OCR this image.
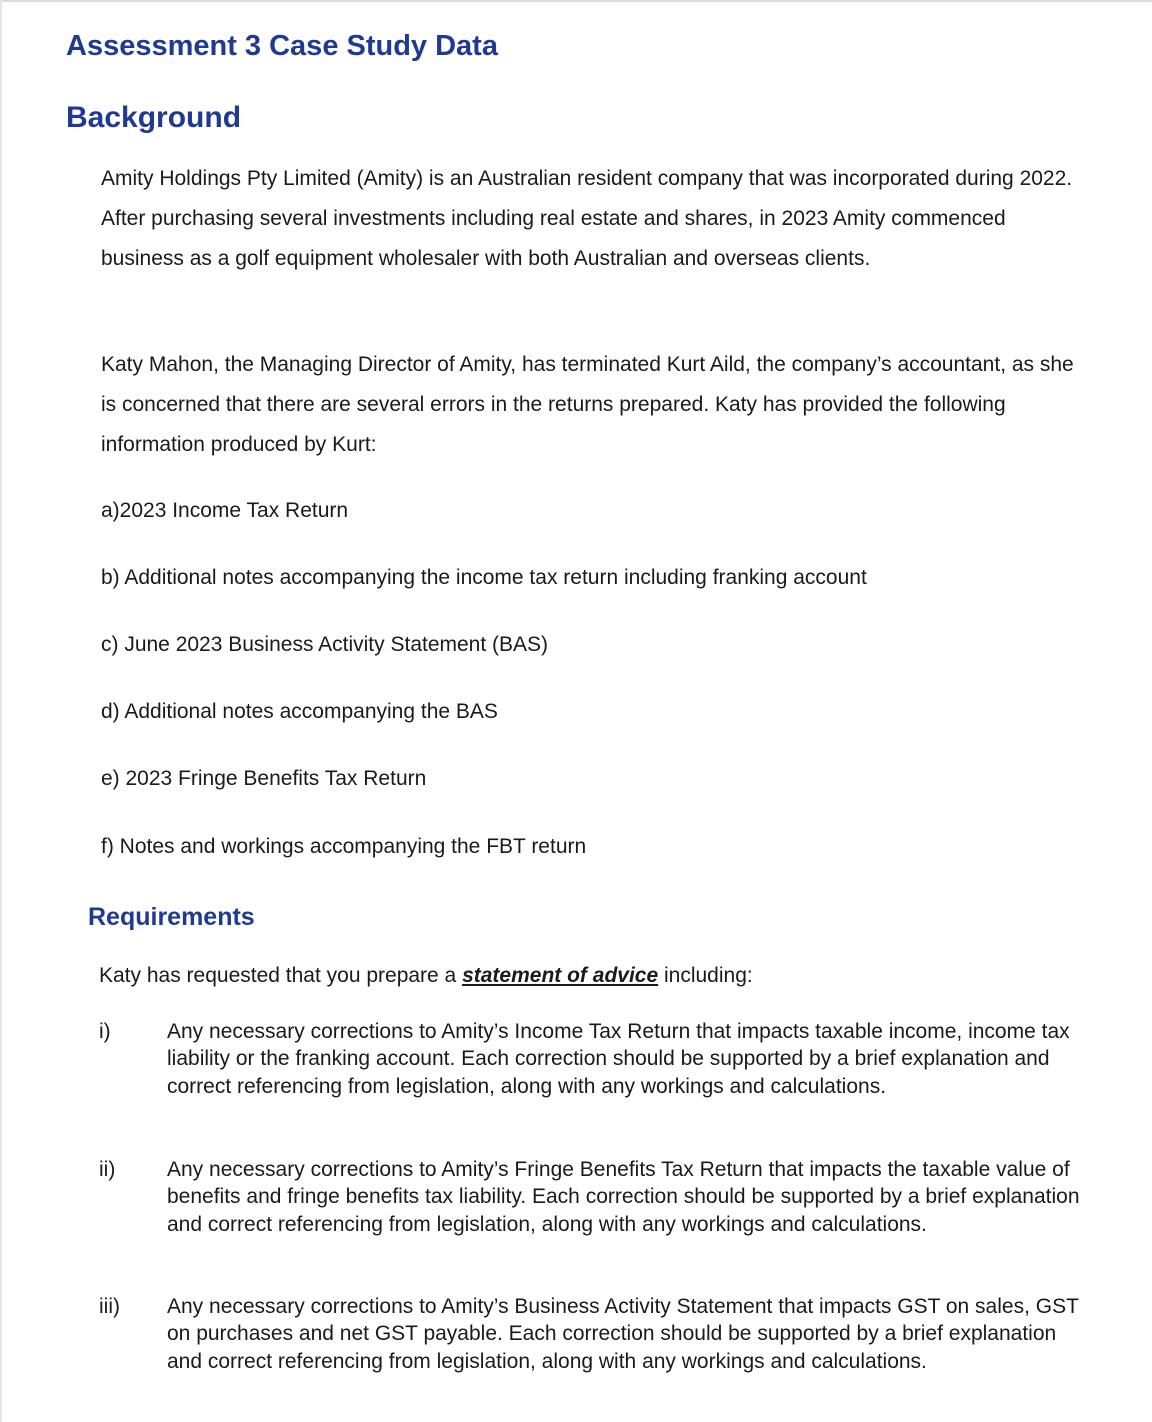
Assessment 3 Case Study Data
Background

Amity Holdings Pty Limited (Amity) is an Australian resident company that was incorporated during 2022. After purchasing several investments including real estate and shares, in 2023 Amity commenced business as a golf equipment wholesaler with both Australian and overseas clients.

Katy Mahon, the Managing Director of Amity, has terminated Kurt Aild, the company’s accountant, as she is concerned that there are several errors in the returns prepared. Katy has provided the following information produced by Kurt:

a)2023 Income Tax Return

b) Additional notes accompanying the income tax return including franking account

c) June 2023 Business Activity Statement (BAS)

d) Additional notes accompanying the BAS

e) 2023 Fringe Benefits Tax Return

f) Notes and workings accompanying the FBT return

Requirements

Katy has requested that you prepare a statement of advice including:

i)	Any necessary corrections to Amity’s Income Tax Return that impacts taxable income, income tax liability or the franking account. Each correction should be supported by a brief explanation and correct referencing from legislation, along with any workings and calculations.

ii) Any necessary corrections to Amity’s Fringe Benefits Tax Return that impacts the taxable value of benefits and fringe benefits tax liability. Each correction should be supported by a brief explanation and correct referencing from legislation, along with any workings and calculations.

iii) Any necessary corrections to Amity’s Business Activity Statement that impacts GST on sales, GST on purchases and net GST payable. Each correction should be supported by a brief explanation and correct referencing from legislation, along with any workings and calculations.
